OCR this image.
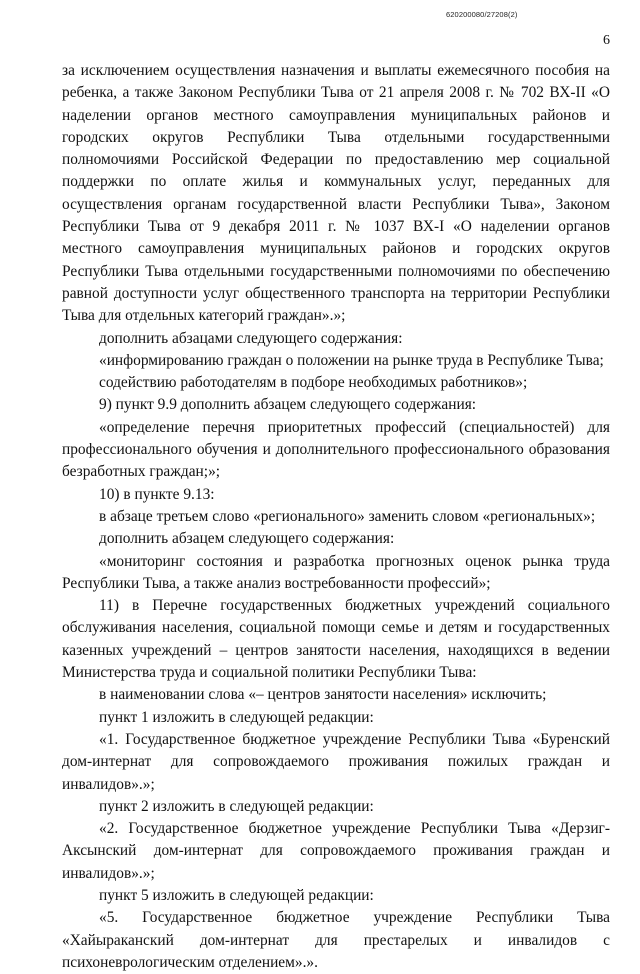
620200080/27208(2)
6

за исключением осуществления назначения и выплаты ежемесячного пособия на ребенка, а также Законом Республики Тыва от 21 апреля 2008 г. № 702 ВХ-II «О наделении органов местного самоуправления муниципальных районов и городских округов Республики Тыва отдельными государственными полномочиями Российской Федерации по предоставлению мер социальной поддержки по оплате жилья и коммунальных услуг, переданных для осуществления органам государственной власти Республики Тыва», Законом Республики Тыва от 9 декабря 2011 г. № 1037 ВХ-I «О наделении органов местного самоуправления муниципальных районов и городских округов Республики Тыва отдельными государственными полномочиями по обеспечению равной доступности услуг общественного транспорта на территории Республики Тыва для отдельных категорий граждан».»;

дополнить абзацами следующего содержания:

«информированию граждан о положении на рынке труда в Республике Тыва;

содействию работодателям в подборе необходимых работников»;

9) пункт 9.9 дополнить абзацем следующего содержания:

«определение перечня приоритетных профессий (специальностей) для профессионального обучения и дополнительного профессионального образования безработных граждан;»;

10) в пункте 9.13:

в абзаце третьем слово «регионального» заменить словом «региональных»;

дополнить абзацем следующего содержания:

«мониторинг состояния и разработка прогнозных оценок рынка труда Республики Тыва, а также анализ востребованности профессий»;

11) в Перечне государственных бюджетных учреждений социального обслуживания населения, социальной помощи семье и детям и государственных казенных учреждений – центров занятости населения, находящихся в ведении Министерства труда и социальной политики Республики Тыва:

в наименовании слова «– центров занятости населения» исключить;

пункт 1 изложить в следующей редакции:

«1. Государственное бюджетное учреждение Республики Тыва «Буренский дом-интернат для сопровождаемого проживания пожилых граждан и инвалидов».»;

пункт 2 изложить в следующей редакции:

«2. Государственное бюджетное учреждение Республики Тыва «Дерзиг-Аксынский дом-интернат для сопровождаемого проживания граждан и инвалидов».»;

пункт 5 изложить в следующей редакции:

«5. Государственное бюджетное учреждение Республики Тыва «Хайыраканский дом-интернат для престарелых и инвалидов с психоневрологическим отделением».».
